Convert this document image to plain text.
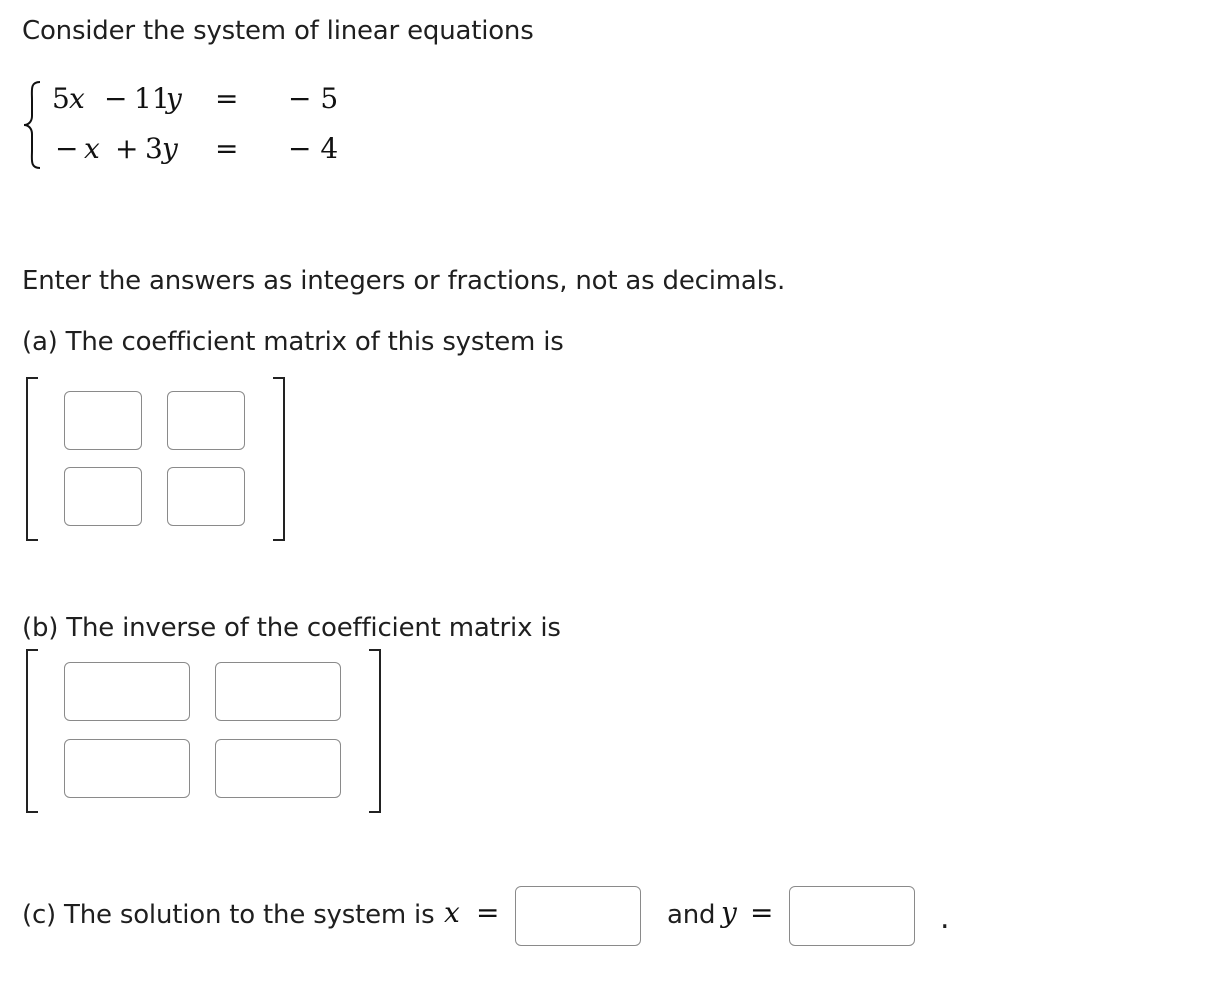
Consider the system of linear equations
5 x − 11
y = − 5
− x + 3 y = − 4
Enter the answers as integers or fractions, not as decimals.
(a) The coefficient matrix of this system is
(b) The inverse of the coefficient matrix is
(c) The solution to the system is x =	and y =	.
